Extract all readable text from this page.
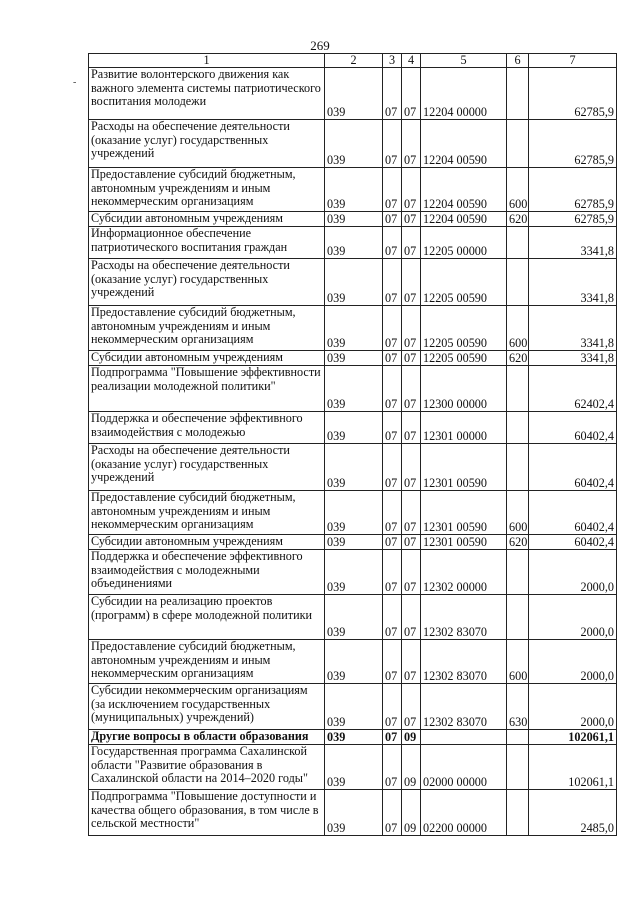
269
-
1	2	3	4	5	6	7
Развитие волонтерского движения как важного элемента системы патриотического воспитания молодежи	039	07	07	12204 00000		62785,9
Расходы на обеспечение деятельности (оказание услуг) государственных учреждений	039	07	07	12204 00590		62785,9
Предоставление субсидий бюджетным, автономным учреждениям и иным некоммерческим организациям	039	07	07	12204 00590	600	62785,9
Субсидии автономным учреждениям	039	07	07	12204 00590	620	62785,9
Информационное обеспечение патриотического воспитания граждан	039	07	07	12205 00000		3341,8
Расходы на обеспечение деятельности (оказание услуг) государственных учреждений	039	07	07	12205 00590		3341,8
Предоставление субсидий бюджетным, автономным учреждениям и иным некоммерческим организациям	039	07	07	12205 00590	600	3341,8
Субсидии автономным учреждениям	039	07	07	12205 00590	620	3341,8
Подпрограмма "Повышение эффективности реализации молодежной политики"	039	07	07	12300 00000		62402,4
Поддержка и обеспечение эффективного взаимодействия с молодежью	039	07	07	12301 00000		60402,4
Расходы на обеспечение деятельности (оказание услуг) государственных учреждений	039	07	07	12301 00590		60402,4
Предоставление субсидий бюджетным, автономным учреждениям и иным некоммерческим организациям	039	07	07	12301 00590	600	60402,4
Субсидии автономным учреждениям	039	07	07	12301 00590	620	60402,4
Поддержка и обеспечение эффективного взаимодействия с молодежными объединениями	039	07	07	12302 00000		2000,0
Субсидии на реализацию проектов (программ) в сфере молодежной политики	039	07	07	12302 83070		2000,0
Предоставление субсидий бюджетным, автономным учреждениям и иным некоммерческим организациям	039	07	07	12302 83070	600	2000,0
Субсидии некоммерческим организациям (за исключением государственных (муниципальных) учреждений)	039	07	07	12302 83070	630	2000,0
Другие вопросы в области образования	039	07	09			102061,1
Государственная программа Сахалинской области "Развитие образования в Сахалинской области на 2014–2020 годы"	039	07	09	02000 00000		102061,1
Подпрограмма "Повышение доступности и качества общего образования, в том числе в сельской местности"	039	07	09	02200 00000		2485,0
